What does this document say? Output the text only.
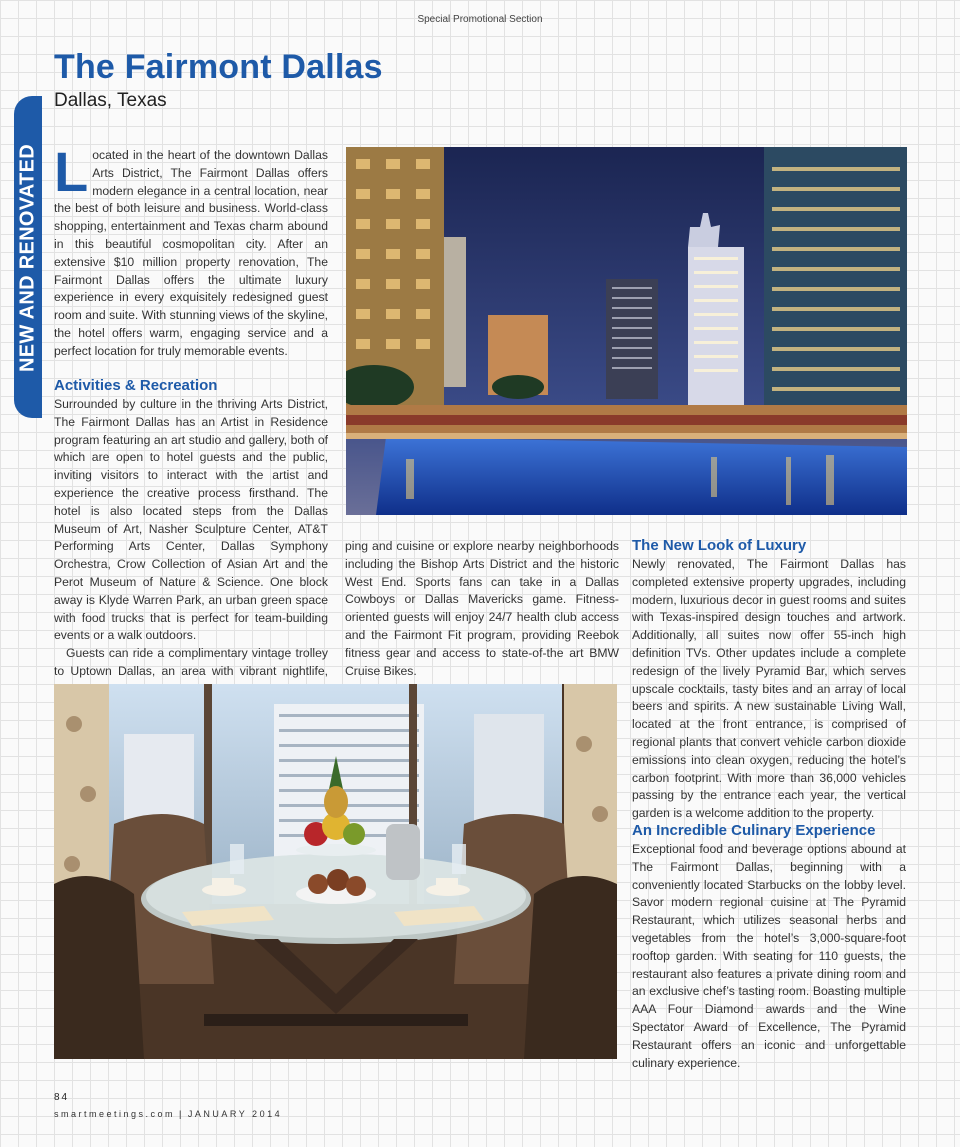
Special Promotional Section
The Fairmont Dallas
Dallas, Texas
NEW AND RENOVATED Located in the heart of the downtown Dallas Arts District, The Fairmont Dallas offers modern elegance in a central location, near the best of both leisure and business. World-class shopping, entertainment and Texas charm abound in this beautiful cosmopolitan city. After an extensive $10 million property renovation, The Fairmont Dallas offers the ultimate luxury experience in every exquisitely redesigned guest room and suite. With stunning views of the skyline, the hotel offers warm, engaging service and a perfect location for truly memorable events.

Activities & Recreation

Surrounded by culture in the thriving Arts District, The Fairmont Dallas has an Artist in Residence program featuring an art studio and gallery, both of which are open to hotel guests and the public, inviting visitors to interact with the artist and experience the creative process firsthand. The hotel is also located steps from the Dallas Museum of Art, Nasher Sculpture Center, AT&T Performing Arts Center, Dallas Symphony Orchestra, Crow Collection of Asian Art and the Perot Museum of Nature & Science. One block away is Klyde Warren Park, an urban green space with food trucks that is perfect for team-building events or a walk outdoors.

Guests can ride a complimentary vintage trolley to Uptown Dallas, an area with vibrant nightlife,

ping and cuisine or explore nearby neighborhoods including the Bishop Arts District and the historic West End. Sports fans can take in a Dallas Cowboys or Dallas Mavericks game. Fitness-oriented guests will enjoy 24/7 health club access and the Fairmont Fit program, providing Reebok fitness gear and access to state-of-the art BMW Cruise Bikes.

The New Look of Luxury

Newly renovated, The Fairmont Dallas has completed extensive property upgrades, including modern, luxurious decor in guest rooms and suites with Texas-inspired design touches and artwork. Additionally, all suites now offer 55-inch high definition TVs. Other updates include a complete redesign of the lively Pyramid Bar, which serves upscale cocktails, tasty bites and an array of local beers and spirits. A new sustainable Living Wall, located at the front entrance, is comprised of regional plants that convert vehicle carbon dioxide emissions into clean oxygen, reducing the hotel’s carbon footprint. With more than 36,000 vehicles passing by the entrance each year, the vertical garden is a welcome addition to the property.

An Incredible Culinary Experience

Exceptional food and beverage options abound at The Fairmont Dallas, beginning with a conveniently located Starbucks on the lobby level. Savor modern regional cuisine at The Pyramid Restaurant, which utilizes seasonal herbs and vegetables from the hotel’s 3,000-square-foot rooftop garden. With seating for 110 guests, the restaurant also features a private dining room and an exclusive chef’s tasting room. Boasting multiple AAA Four Diamond awards and the Wine Spectator Award of Excellence, The Pyramid Restaurant offers an iconic and unforgettable culinary experience.

84
smartmeetings.com | JANUARY 2014
